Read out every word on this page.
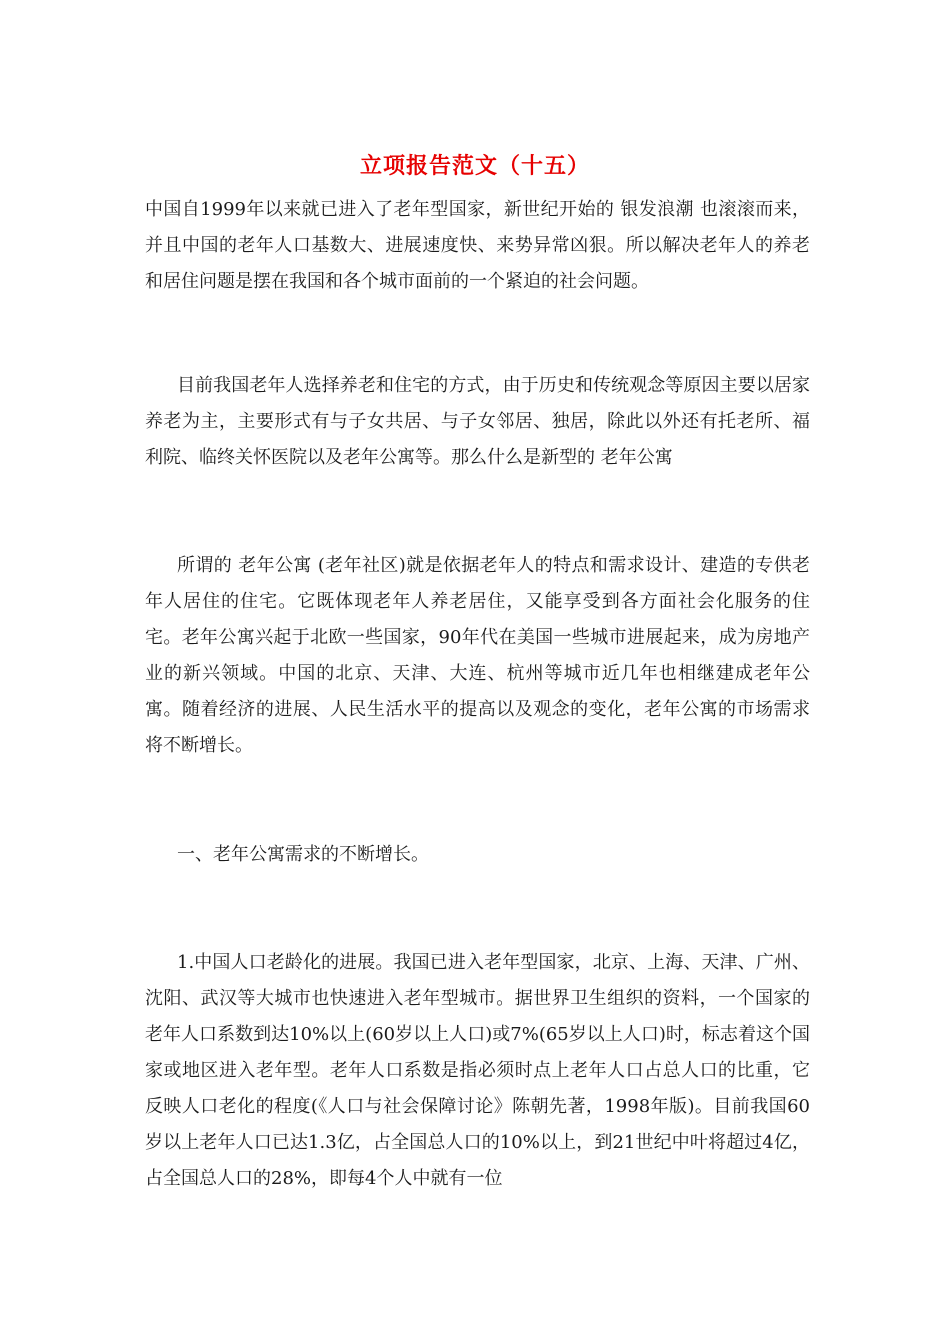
立项报告范文（十五）

中国自1999年以来就已进入了老年型国家，新世纪开始的 银发浪潮 也滚滚而来，并且中国的老年人口基数大、进展速度快、来势异常凶狠。所以解决老年人的养老和居住问题是摆在我国和各个城市面前的一个紧迫的社会问题。

目前我国老年人选择养老和住宅的方式，由于历史和传统观念等原因主要以居家养老为主，主要形式有与子女共居、与子女邻居、独居，除此以外还有托老所、福利院、临终关怀医院以及老年公寓等。那么什么是新型的 老年公寓

所谓的 老年公寓 (老年社区)就是依据老年人的特点和需求设计、建造的专供老年人居住的住宅。它既体现老年人养老居住，又能享受到各方面社会化服务的住宅。老年公寓兴起于北欧一些国家，90年代在美国一些城市进展起来，成为房地产业的新兴领域。中国的北京、天津、大连、杭州等城市近几年也相继建成老年公寓。随着经济的进展、人民生活水平的提高以及观念的变化，老年公寓的市场需求将不断增长。

一、老年公寓需求的不断增长。

1.中国人口老龄化的进展。我国已进入老年型国家，北京、上海、天津、广州、沈阳、武汉等大城市也快速进入老年型城市。据世界卫生组织的资料，一个国家的老年人口系数到达10%以上(60岁以上人口)或7%(65岁以上人口)时，标志着这个国家或地区进入老年型。老年人口系数是指必须时点上老年人口占总人口的比重，它反映人口老化的程度(《人口与社会保障讨论》陈朝先著，1998年版)。目前我国60岁以上老年人口已达1.3亿，占全国总人口的10%以上，到21世纪中叶将超过4亿，占全国总人口的28%，即每4个人中就有一位
